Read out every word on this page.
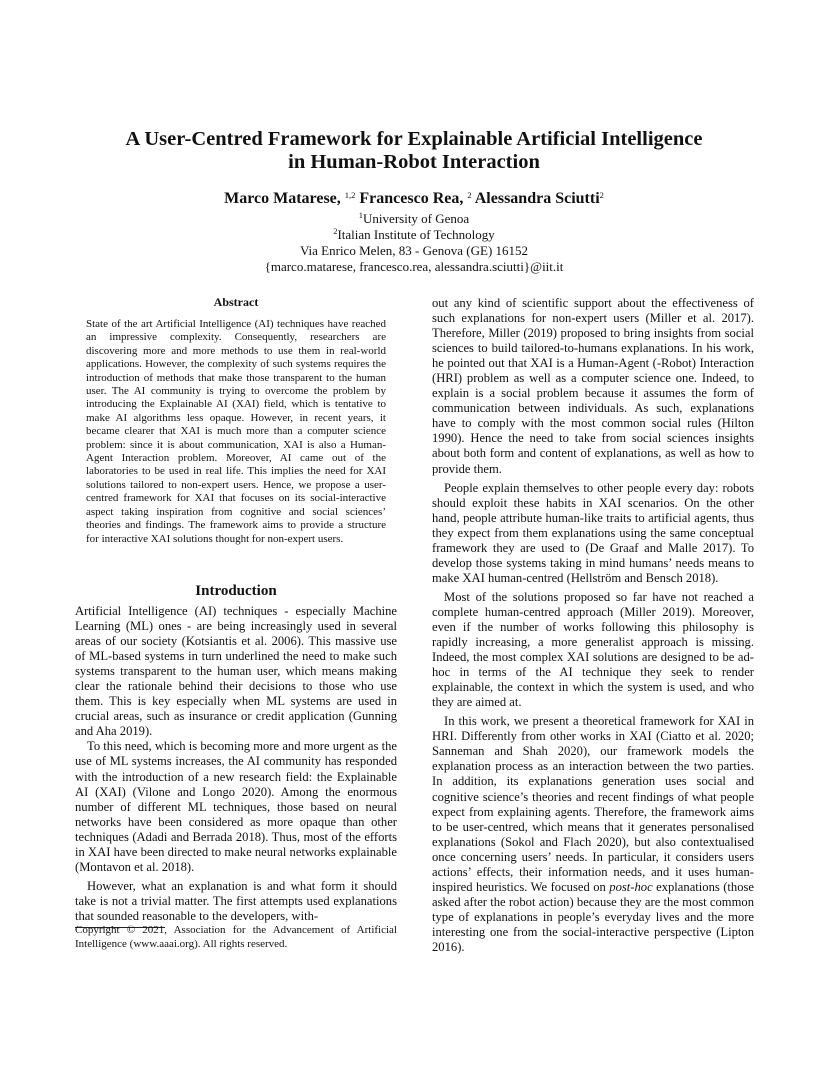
A User-Centred Framework for Explainable Artificial Intelligence
in Human-Robot Interaction
Marco Matarese, $^{1,2}$ Francesco Rea, $^2$ Alessandra Sciutti$^2$
$^1$University of Genoa
$^2$Italian Institute of Technology
Via Enrico Melen, 83 - Genova (GE) 16152
{marco.matarese, francesco.rea, alessandra.sciutti}@iit.it
Abstract
State of the art Artificial Intelligence (AI) techniques have reached an impressive complexity. Consequently, researchers are discovering more and more methods to use them in real-world applications. However, the complexity of such systems requires the introduction of methods that make those transparent to the human user. The AI community is trying to overcome the problem by introducing the Explainable AI (XAI) field, which is tentative to make AI algorithms less opaque. However, in recent years, it became clearer that XAI is much more than a computer science problem: since it is about communication, XAI is also a Human-Agent Interaction problem. Moreover, AI came out of the laboratories to be used in real life. This implies the need for XAI solutions tailored to non-expert users. Hence, we propose a user-centred framework for XAI that focuses on its social-interactive aspect taking inspiration from cognitive and social sciences’ theories and findings. The framework aims to provide a structure for interactive XAI solutions thought for non-expert users.
Introduction

Artificial Intelligence (AI) techniques - especially Machine Learning (ML) ones - are being increasingly used in several areas of our society (Kotsiantis et al. 2006). This massive use of ML-based systems in turn underlined the need to make such systems transparent to the human user, which means making clear the rationale behind their decisions to those who use them. This is key especially when ML systems are used in crucial areas, such as insurance or credit application (Gunning and Aha 2019).

To this need, which is becoming more and more urgent as the use of ML systems increases, the AI community has responded with the introduction of a new research field: the Explainable AI (XAI) (Vilone and Longo 2020). Among the enormous number of different ML techniques, those based on neural networks have been considered as more opaque than other techniques (Adadi and Berrada 2018). Thus, most of the efforts in XAI have been directed to make neural networks explainable (Montavon et al. 2018).

However, what an explanation is and what form it should take is not a trivial matter. The first attempts used explanations that sounded reasonable to the developers, with-

Copyright © 2021, Association for the Advancement of Artificial Intelligence (www.aaai.org). All rights reserved.

out any kind of scientific support about the effectiveness of such explanations for non-expert users (Miller et al. 2017). Therefore, Miller (2019) proposed to bring insights from social sciences to build tailored-to-humans explanations. In his work, he pointed out that XAI is a Human-Agent (-Robot) Interaction (HRI) problem as well as a computer science one. Indeed, to explain is a social problem because it assumes the form of communication between individuals. As such, explanations have to comply with the most common social rules (Hilton 1990). Hence the need to take from social sciences insights about both form and content of explanations, as well as how to provide them.

People explain themselves to other people every day: robots should exploit these habits in XAI scenarios. On the other hand, people attribute human-like traits to artificial agents, thus they expect from them explanations using the same conceptual framework they are used to (De Graaf and Malle 2017). To develop those systems taking in mind humans’ needs means to make XAI human-centred (Hellström and Bensch 2018).

Most of the solutions proposed so far have not reached a complete human-centred approach (Miller 2019). Moreover, even if the number of works following this philosophy is rapidly increasing, a more generalist approach is missing. Indeed, the most complex XAI solutions are designed to be ad-hoc in terms of the AI technique they seek to render explainable, the context in which the system is used, and who they are aimed at.

In this work, we present a theoretical framework for XAI in HRI. Differently from other works in XAI (Ciatto et al. 2020; Sanneman and Shah 2020), our framework models the explanation process as an interaction between the two parties. In addition, its explanations generation uses social and cognitive science’s theories and recent findings of what people expect from explaining agents. Therefore, the framework aims to be user-centred, which means that it generates personalised explanations (Sokol and Flach 2020), but also contextualised once concerning users’ needs. In particular, it considers users actions’ effects, their information needs, and it uses human-inspired heuristics. We focused on post-hoc explanations (those asked after the robot action) because they are the most common type of explanations in people’s everyday lives and the more interesting one from the social-interactive perspective (Lipton 2016).
